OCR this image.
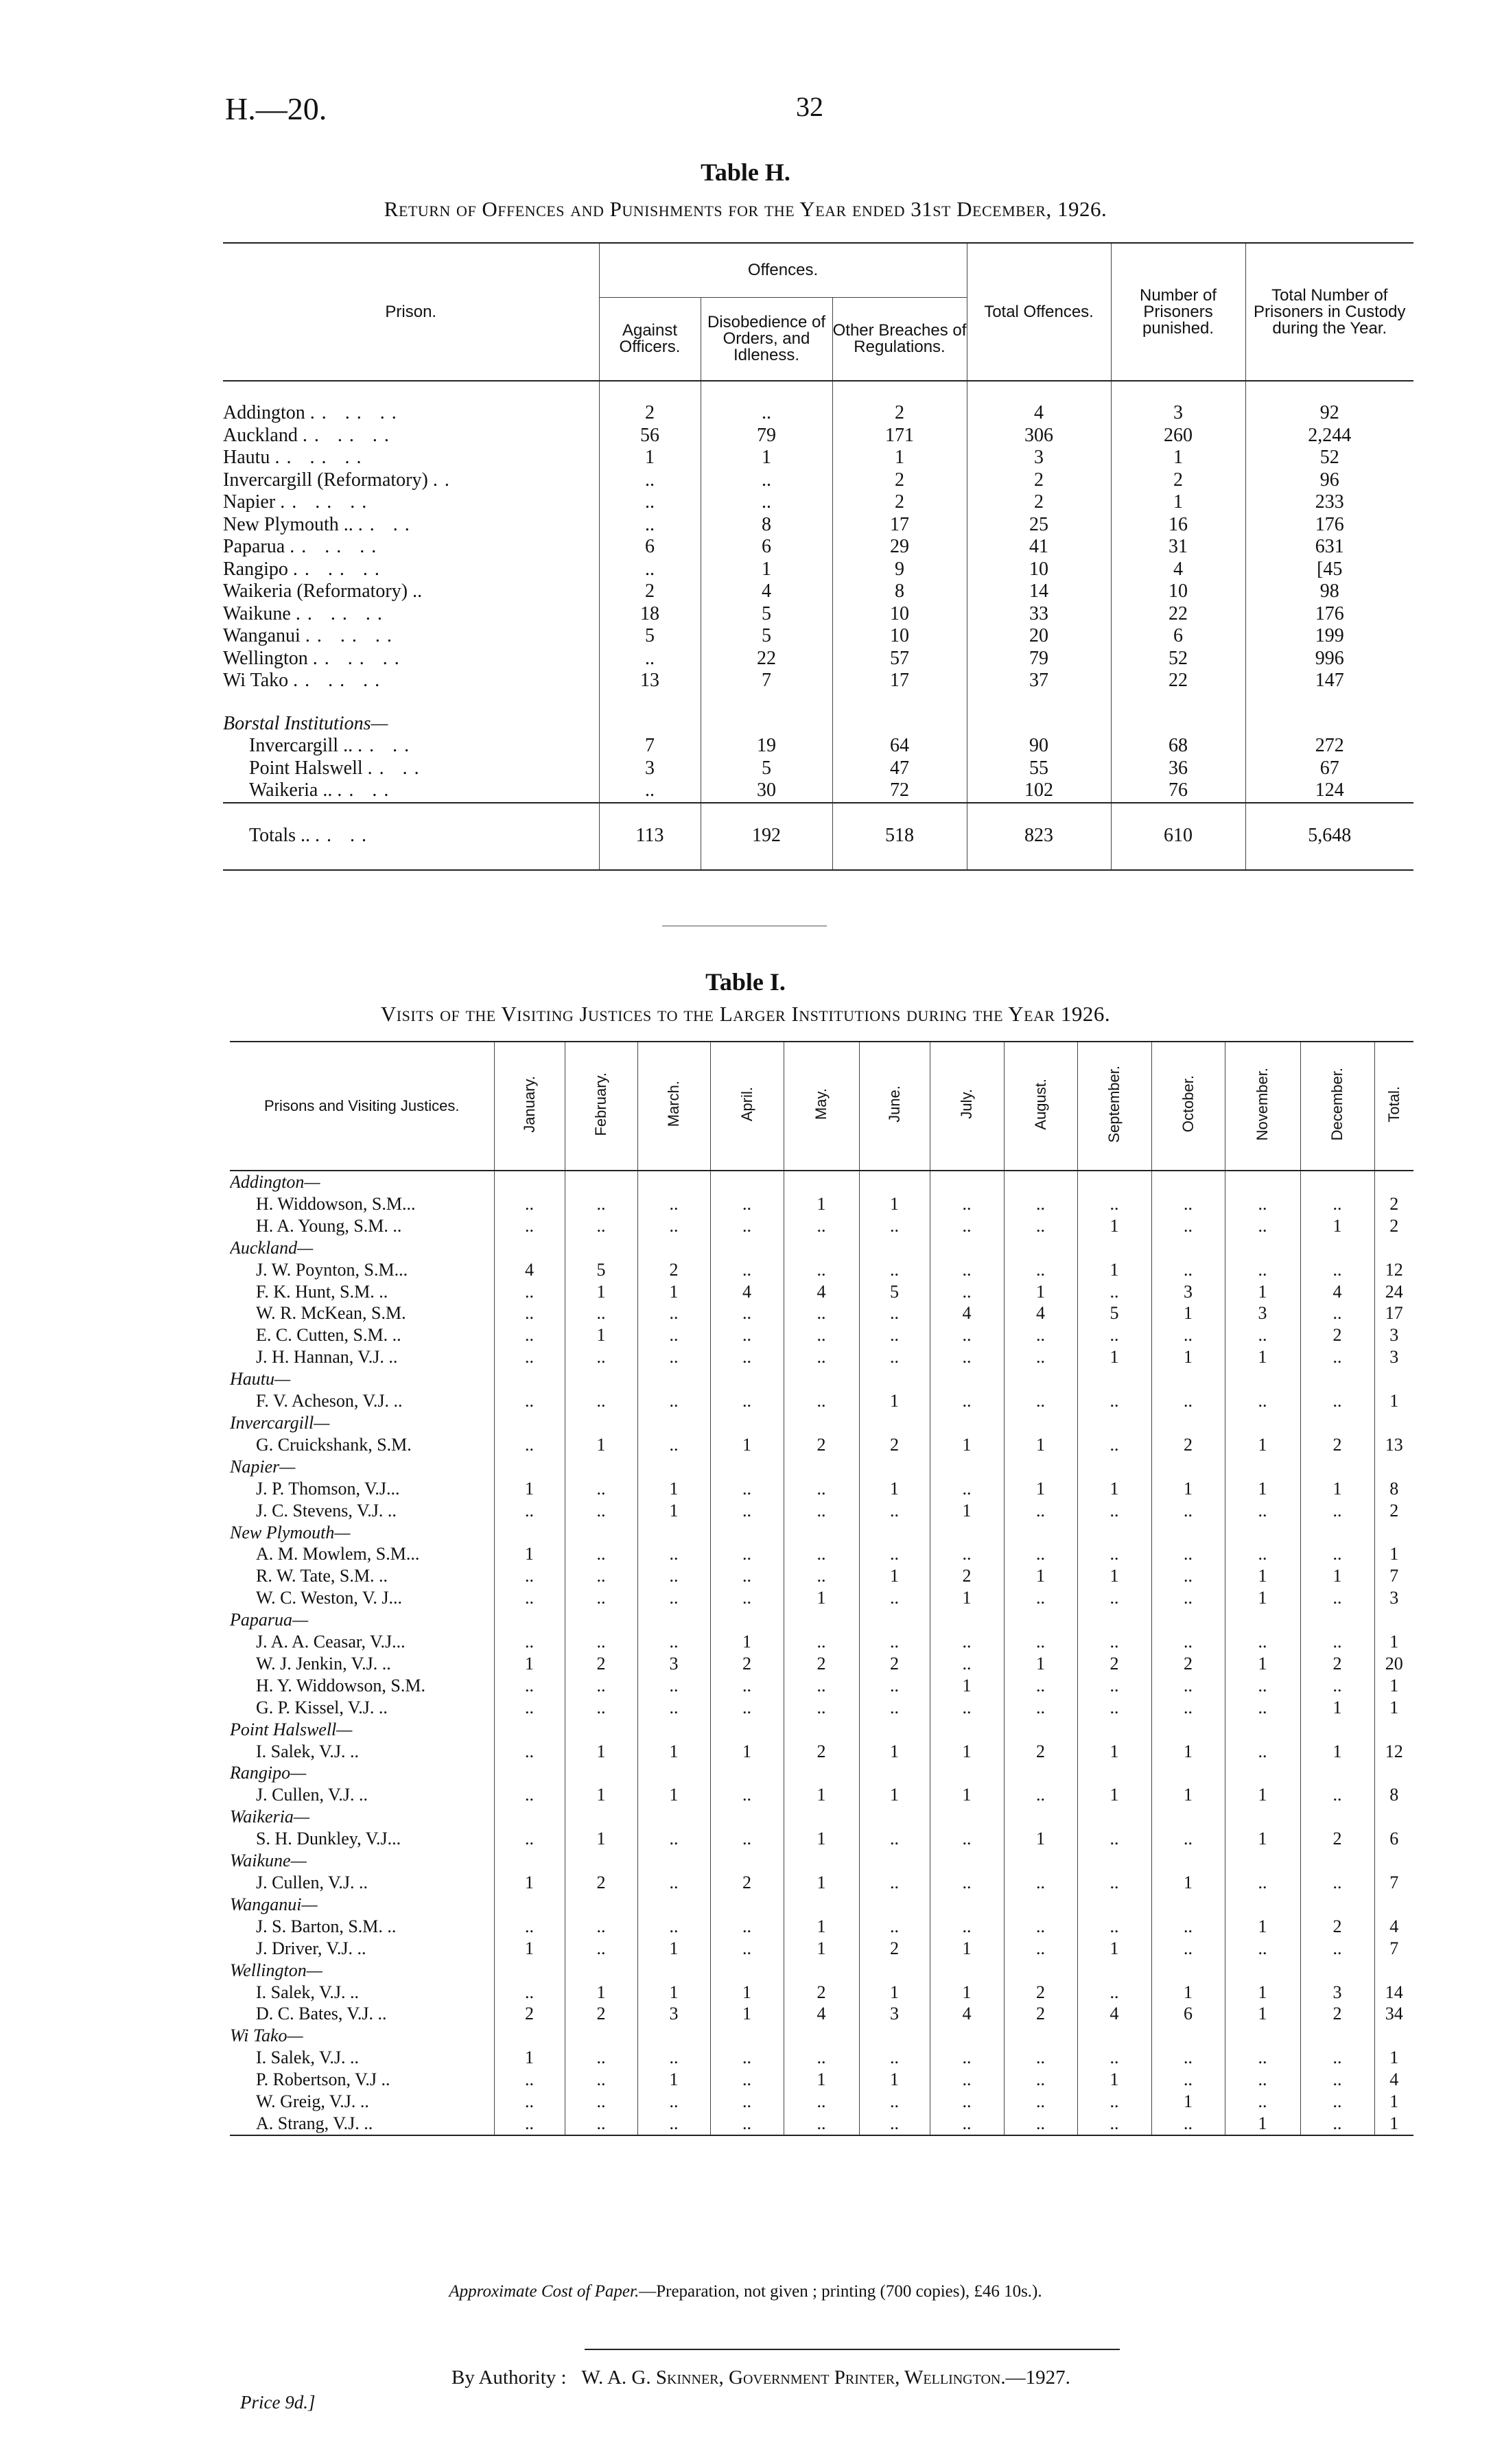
H.—20.	32
Table H.
Return of Offences and Punishments for the Year ended 31st December, 1926.
Prison.	Offences.			Total Offences.	Number of Prisoners punished.	Total Number of Prisoners in Custody during the Year.
	Against Officers.	Disobedience of Orders, and Idleness.	Other Breaches of Regulations.			

Addington .. .. ..	2	..	2	4	3	92
Auckland .. .. ..	56	79	171	306	260	2,244
Hautu .. .. ..	1	1	1	3	1	52
Invercargill (Reformatory) ..	..	..	2	2	2	96
Napier .. .. ..	..	..	2	2	1	233
New Plymouth .. .. ..	..	8	17	25	16	176
Paparua .. .. ..	6	6	29	41	31	631
Rangipo .. .. ..	..	1	9	10	4	[45
Waikeria (Reformatory) ..	2	4	8	14	10	98
Waikune .. .. ..	18	5	10	33	22	176
Wanganui .. .. ..	5	5	10	20	6	199
Wellington .. .. ..	..	22	57	79	52	996
Wi Tako .. .. ..	13	7	17	37	22	147

Borstal Institutions—						
Invercargill .. .. ..	7	19	64	90	68	272
Point Halswell .. ..	3	5	47	55	36	67
Waikeria .. .. ..	..	30	72	102	76	124
Totals .. .. ..	113	192	518	823	610	5,648
Table I.
Visits of the Visiting Justices to the Larger Institutions during the Year 1926.
Prisons and Visiting Justices.	January.	February.	March.	April.	May.	June.	July.	August.	September.	October.	November.	December.	Total.
Addington—													
H. Widdowson, S.M...	..	..	..	..	1	1	..	..	..	..	..	..	2
H. A. Young, S.M. ..	..	..	..	..	..	..	..	..	1	..	..	1	2
Auckland—													
J. W. Poynton, S.M...	4	5	2	..	..	..	..	..	1	..	..	..	12
F. K. Hunt, S.M. ..	..	1	1	4	4	5	..	1	..	3	1	4	24
W. R. McKean, S.M.	..	..	..	..	..	..	4	4	5	1	3	..	17
E. C. Cutten, S.M. ..	..	1	..	..	..	..	..	..	..	..	..	2	3
J. H. Hannan, V.J. ..	..	..	..	..	..	..	..	..	1	1	1	..	3
Hautu—													
F. V. Acheson, V.J. ..	..	..	..	..	..	1	..	..	..	..	..	..	1
Invercargill—													
G. Cruickshank, S.M.	..	1	..	1	2	2	1	1	..	2	1	2	13
Napier—													
J. P. Thomson, V.J...	1	..	1	..	..	1	..	1	1	1	1	1	8
J. C. Stevens, V.J. ..	..	..	1	..	..	..	1	..	..	..	..	..	2
New Plymouth—													
A. M. Mowlem, S.M...	1	..	..	..	..	..	..	..	..	..	..	..	1
R. W. Tate, S.M. ..	..	..	..	..	..	1	2	1	1	..	1	1	7
W. C. Weston, V. J...	..	..	..	..	1	..	1	..	..	..	1	..	3
Paparua—													
J. A. A. Ceasar, V.J...	..	..	..	1	..	..	..	..	..	..	..	..	1
W. J. Jenkin, V.J. ..	1	2	3	2	2	2	..	1	2	2	1	2	20
H. Y. Widdowson, S.M.	..	..	..	..	..	..	1	..	..	..	..	..	1
G. P. Kissel, V.J. ..	..	..	..	..	..	..	..	..	..	..	..	1	1
Point Halswell—													
I. Salek, V.J. ..	..	1	1	1	2	1	1	2	1	1	..	1	12
Rangipo—													
J. Cullen, V.J. ..	..	1	1	..	1	1	1	..	1	1	1	..	8
Waikeria—													
S. H. Dunkley, V.J...	..	1	..	..	1	..	..	1	..	..	1	2	6
Waikune—													
J. Cullen, V.J. ..	1	2	..	2	1	..	..	..	..	1	..	..	7
Wanganui—													
J. S. Barton, S.M. ..	..	..	..	..	1	..	..	..	..	..	1	2	4
J. Driver, V.J. ..	1	..	1	..	1	2	1	..	1	..	..	..	7
Wellington—													
I. Salek, V.J. ..	..	1	1	1	2	1	1	2	..	1	1	3	14
D. C. Bates, V.J. ..	2	2	3	1	4	3	4	2	4	6	1	2	34
Wi Tako—													
I. Salek, V.J. ..	1	..	..	..	..	..	..	..	..	..	..	..	1
P. Robertson, V.J ..	..	..	1	..	1	1	..	..	1	..	..	..	4
W. Greig, V.J. ..	..	..	..	..	..	..	..	..	..	1	..	..	1
A. Strang, V.J. ..	..	..	..	..	..	..	..	..	..	..	1	..	1
Approximate Cost of Paper.—Preparation, not given ; printing (700 copies), £46 10s.).
By Authority : W. A. G. Skinner, Government Printer, Wellington.—1927.
Price 9d.]
